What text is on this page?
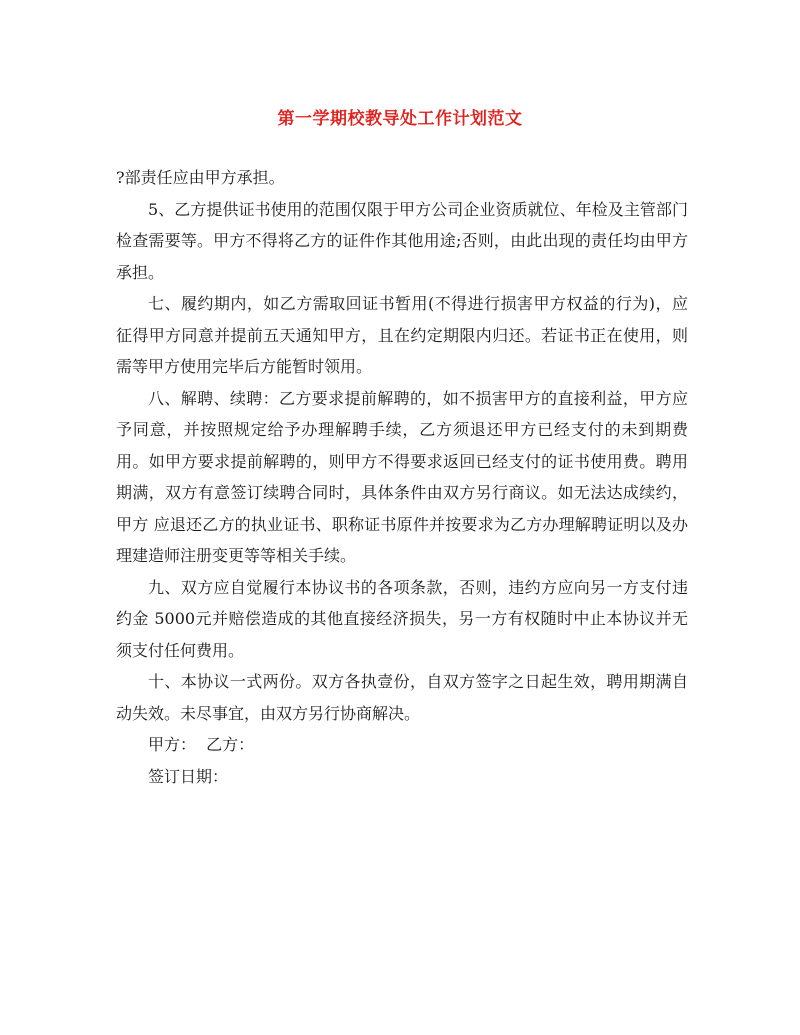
第一学期校教导处工作计划范文

?部责任应由甲方承担。

5、乙方提供证书使用的范围仅限于甲方公司企业资质就位、年检及主管部门检查需要等。甲方不得将乙方的证件作其他用途;否则，由此出现的责任均由甲方承担。

七、履约期内，如乙方需取回证书暂用(不得进行损害甲方权益的行为)，应征得甲方同意并提前五天通知甲方，且在约定期限内归还。若证书正在使用，则需等甲方使用完毕后方能暂时领用。

八、解聘、续聘：乙方要求提前解聘的，如不损害甲方的直接利益，甲方应予同意，并按照规定给予办理解聘手续，乙方须退还甲方已经支付的未到期费 用。如甲方要求提前解聘的，则甲方不得要求返回已经支付的证书使用费。聘用期满，双方有意签订续聘合同时，具体条件由双方另行商议。如无法达成续约，甲方 应退还乙方的执业证书、职称证书原件并按要求为乙方办理解聘证明以及办理建造师注册变更等等相关手续。

九、双方应自觉履行本协议书的各项条款，否则，违约方应向另一方支付违约金 5000元并赔偿造成的其他直接经济损失，另一方有权随时中止本协议并无须支付任何费用。

十、本协议一式两份。双方各执壹份，自双方签字之日起生效，聘用期满自动失效。未尽事宜，由双方另行协商解决。

甲方：  乙方：

签订日期：
